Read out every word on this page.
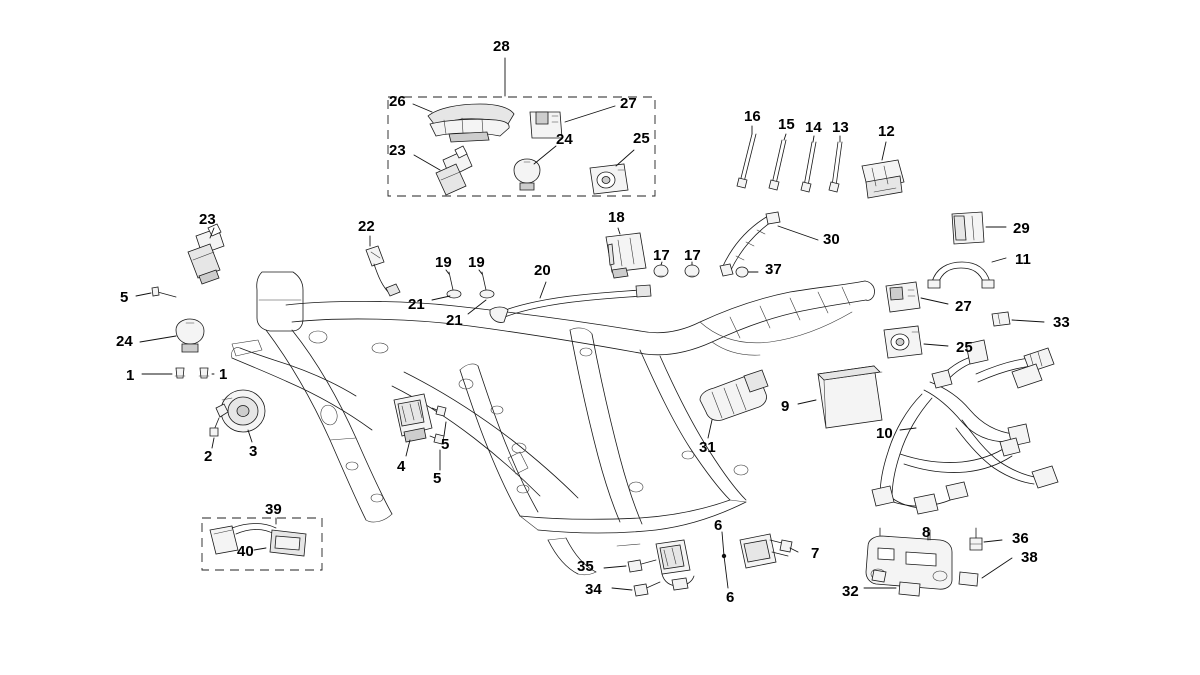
28
26	27
24	25
23
16 15 14 13 12
23	22
18
17 17
30
29
11
37
19 19	20
27
5	21
21	33
24	25
1	1
9
10
31
2 3
4
5
5
39
40
6
6
7
8	36
38
35
34	32
